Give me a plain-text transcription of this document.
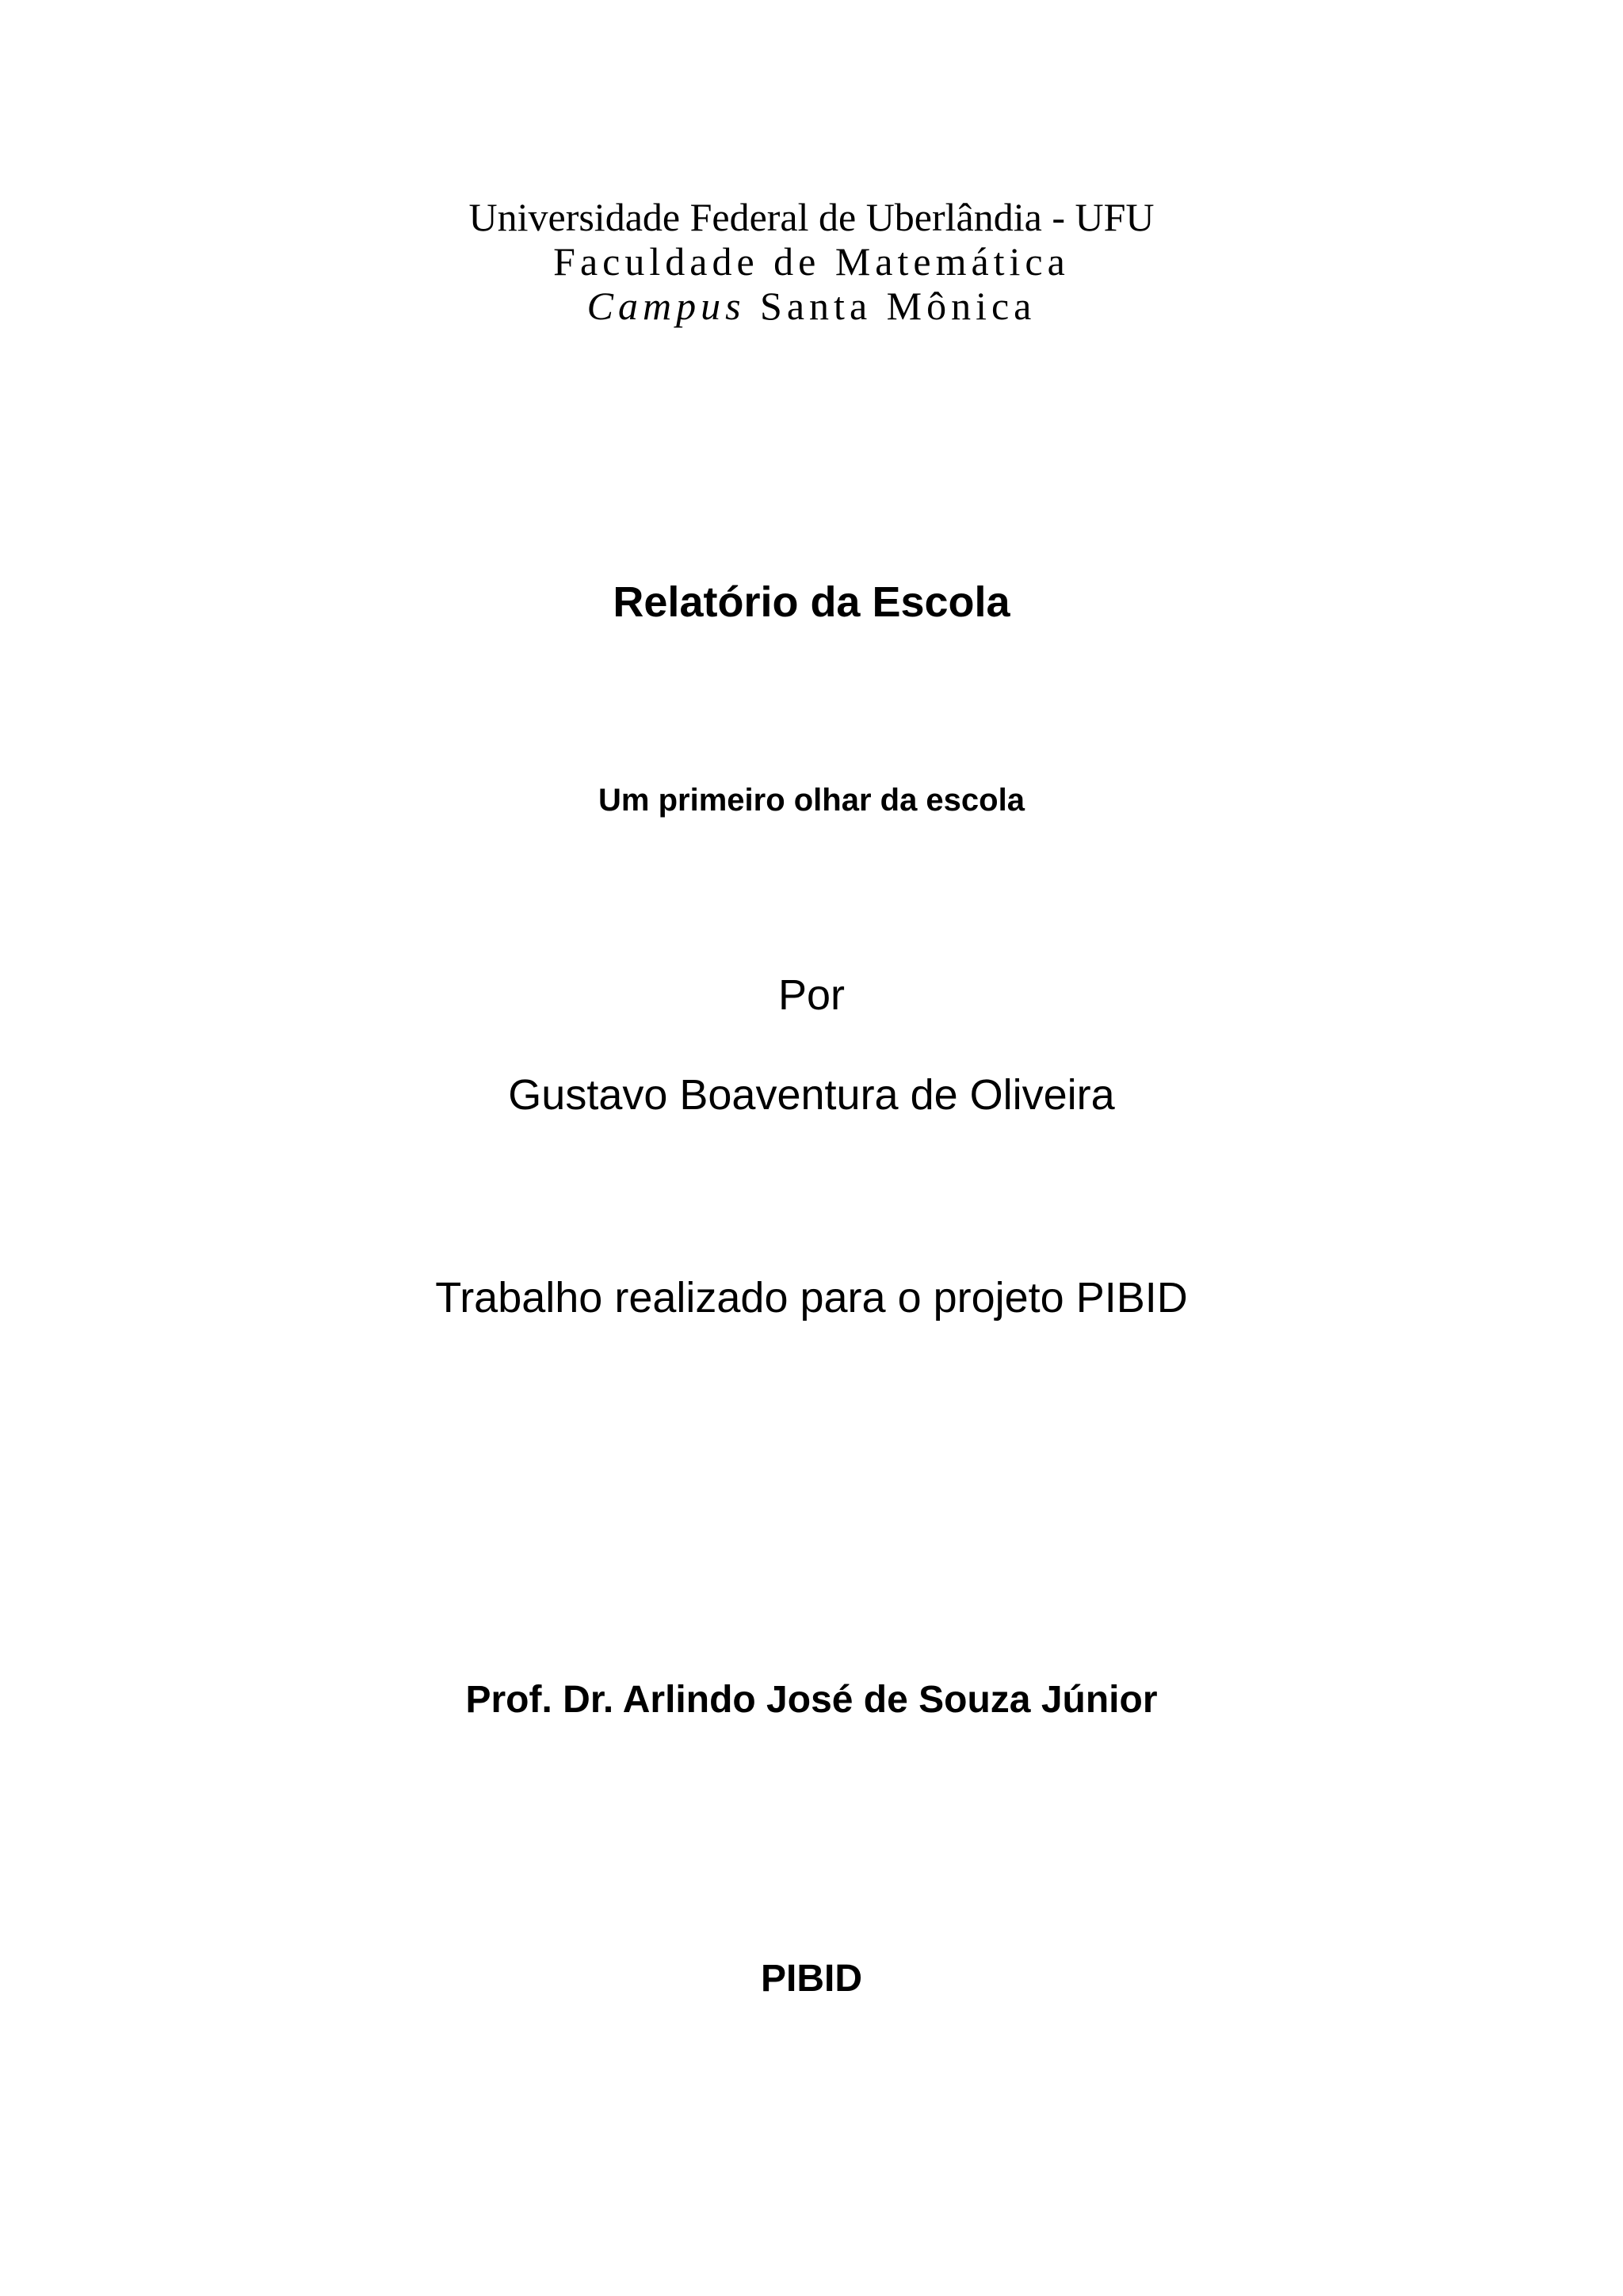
Universidade Federal de Uberlândia - UFU
Faculdade de Matemática
Campus Santa Mônica
Relatório da Escola
Um primeiro olhar da escola
Por
Gustavo Boaventura de Oliveira
Trabalho realizado para o projeto PIBID
Prof. Dr. Arlindo José de Souza Júnior
PIBID
